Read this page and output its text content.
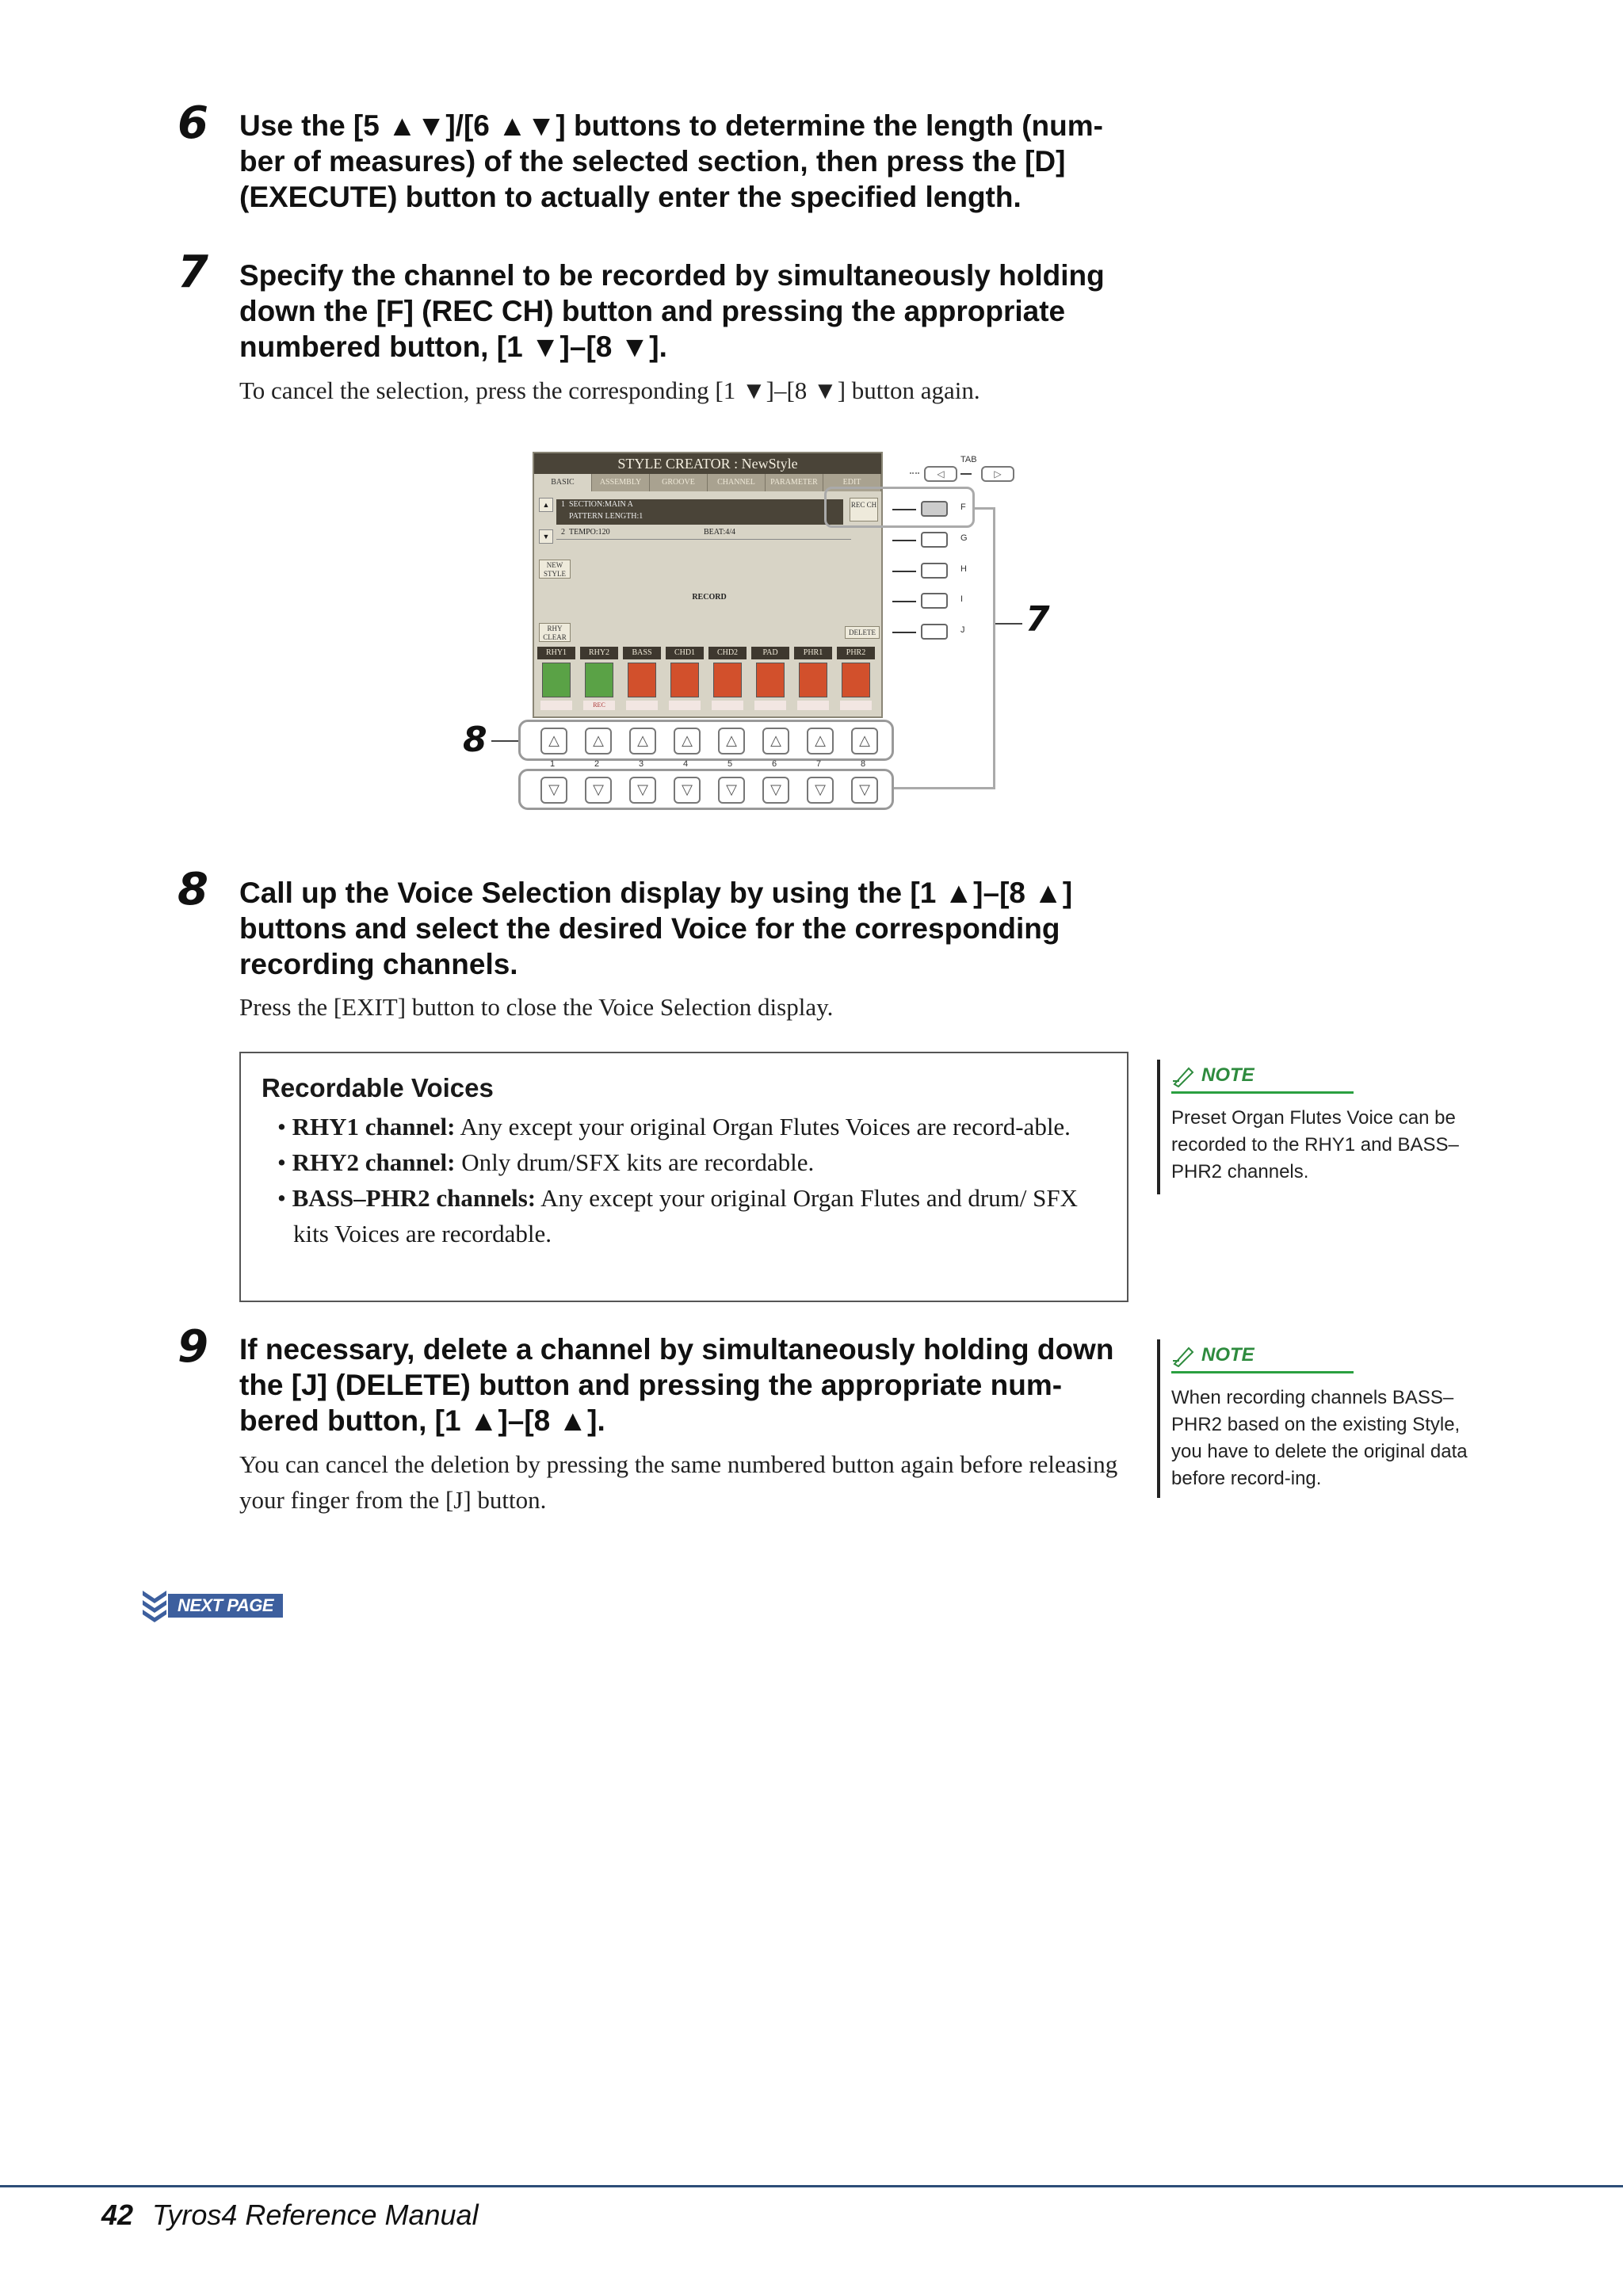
6 Use the [5 ▲▼]/[6 ▲▼] buttons to determine the length (num-ber of measures) of the selected section, then press the [D] (EXECUTE) button to actually enter the specified length.
7 Specify the channel to be recorded by simultaneously holding down the [F] (REC CH) button and pressing the appropriate numbered button, [1 ▼]–[8 ▼].
To cancel the selection, press the corresponding [1 ▼]–[8 ▼] button again.
STYLE CREATOR : NewStyle
BASIC	ASSEMBLY	GROOVE	CHANNEL	PARAMETER	EDIT
▲
▼
1 SECTION:MAIN A
PATTERN LENGTH:1
2 TEMPO:120	BEAT:4/4
REC CH
NEW STYLE
RECORD
RHY CLEAR
DELETE
RHY1	RHY2
REC
BASS	CHD1	CHD2	PAD	PHR1	PHR2
TAB
◁	▷
F
G
H
I
J 7
8	△	△	△	△	△	△	△	△
1	2	3	4	5	6	7	8
▽	▽	▽	▽	▽	▽	▽	▽
8 Call up the Voice Selection display by using the [1 ▲]–[8 ▲] buttons and select the desired Voice for the corresponding recording channels.
Press the [EXIT] button to close the Voice Selection display.
Recordable Voices
• RHY1 channel: Any except your original Organ Flutes Voices are record-able.
• RHY2 channel: Only drum/SFX kits are recordable.
• BASS–PHR2 channels: Any except your original Organ Flutes and drum/ SFX kits Voices are recordable.
NOTE
Preset Organ Flutes Voice can be recorded to the RHY1 and BASS–PHR2 channels.
9 If necessary, delete a channel by simultaneously holding down the [J] (DELETE) button and pressing the appropriate num-bered button, [1 ▲]–[8 ▲].
You can cancel the deletion by pressing the same numbered button again before releasing your finger from the [J] button.
NOTE
When recording channels BASS–PHR2 based on the existing Style, you have to delete the original data before record-ing.
NEXT PAGE
42 Tyros4 Reference Manual
